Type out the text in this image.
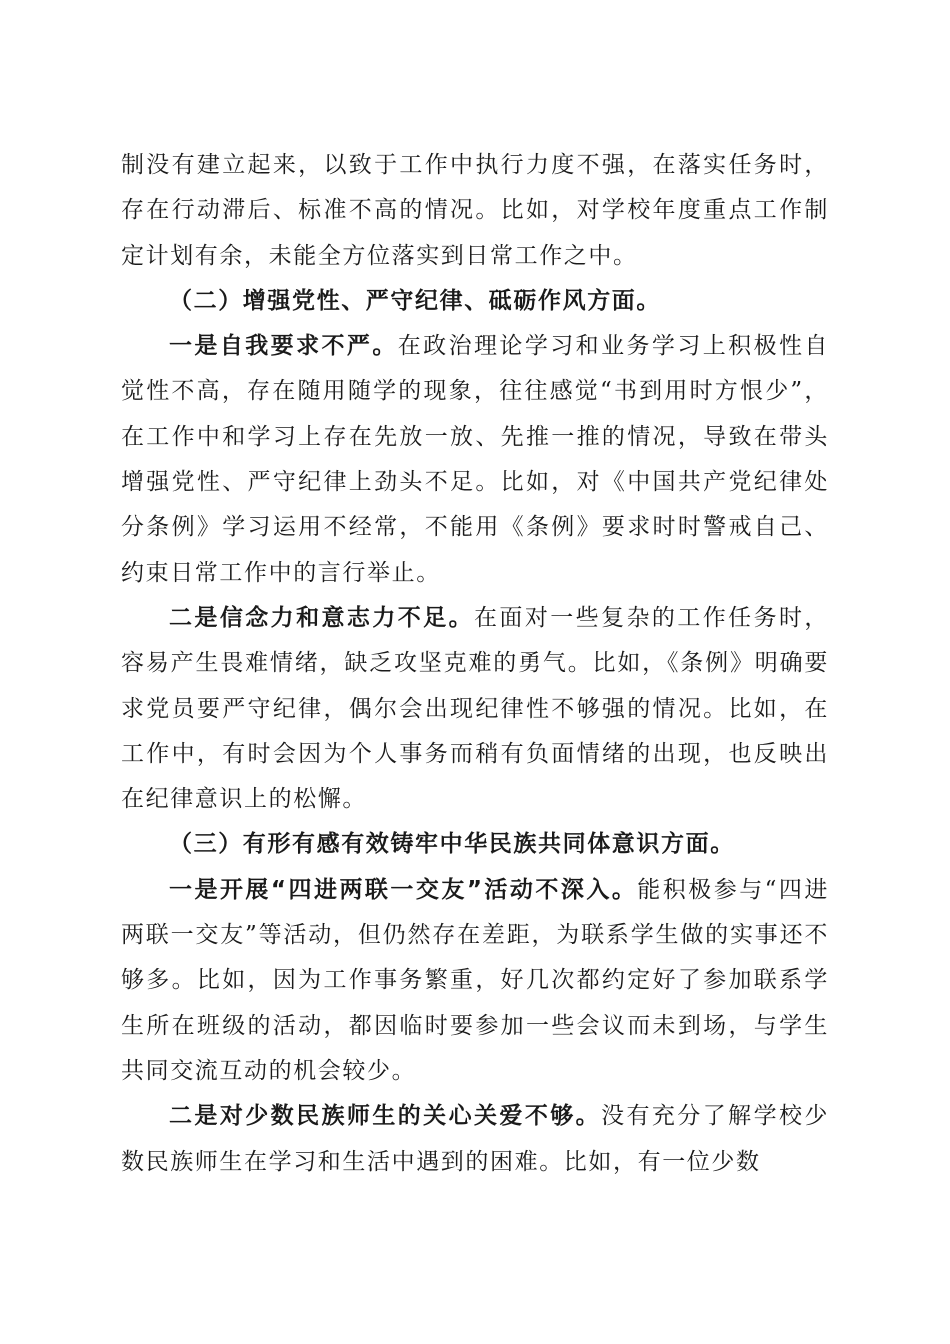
制没有建立起来，以致于工作中执行力度不强，在落实任务时，存在行动滞后、标准不高的情况。比如，对学校年度重点工作制定计划有余，未能全方位落实到日常工作之中。

（二）增强党性、严守纪律、砥砺作风方面。

一是自我要求不严。在政治理论学习和业务学习上积极性自觉性不高，存在随用随学的现象，往往感觉“书到用时方恨少”，在工作中和学习上存在先放一放、先推一推的情况，导致在带头增强党性、严守纪律上劲头不足。比如，对《中国共产党纪律处分条例》学习运用不经常，不能用《条例》要求时时警戒自己、约束日常工作中的言行举止。

二是信念力和意志力不足。在面对一些复杂的工作任务时，容易产生畏难情绪，缺乏攻坚克难的勇气。比如，《条例》明确要求党员要严守纪律，偶尔会出现纪律性不够强的情况。比如，在工作中，有时会因为个人事务而稍有负面情绪的出现，也反映出在纪律意识上的松懈。

（三）有形有感有效铸牢中华民族共同体意识方面。

一是开展“四进两联一交友”活动不深入。能积极参与“四进两联一交友”等活动，但仍然存在差距，为联系学生做的实事还不够多。比如，因为工作事务繁重，好几次都约定好了参加联系学生所在班级的活动，都因临时要参加一些会议而未到场，与学生共同交流互动的机会较少。

二是对少数民族师生的关心关爱不够。没有充分了解学校少数民族师生在学习和生活中遇到的困难。比如，有一位少数
